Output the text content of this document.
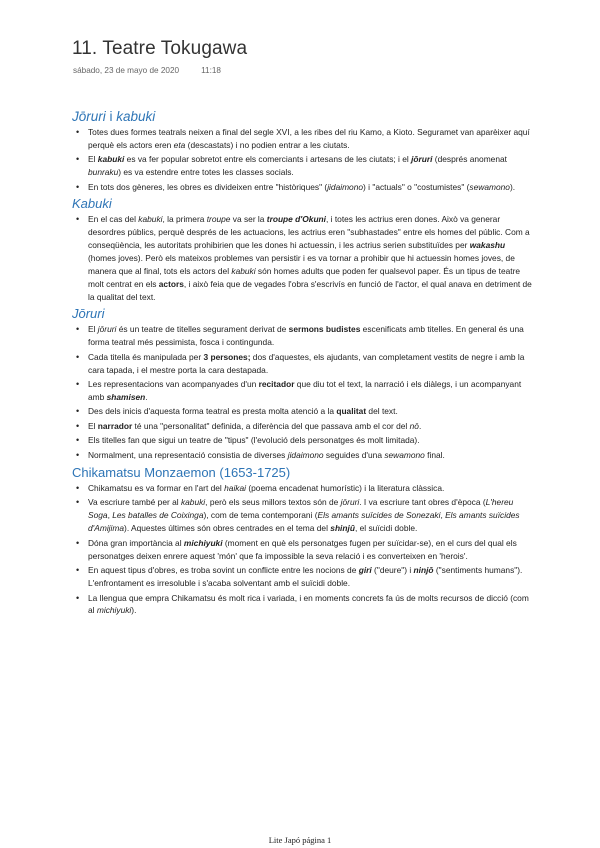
11. Teatre Tokugawa
sábado, 23 de mayo de 2020	11:18
Jōruri i kabuki
• Totes dues formes teatrals neixen a final del segle XVI, a les ribes del riu Kamo, a Kioto. Seguramet van aparèixer aquí perquè els actors eren eta (descastats) i no podien entrar a les ciutats.
• El kabuki es va fer popular sobretot entre els comerciants i artesans de les ciutats; i el jōruri (després anomenat bunraku) es va estendre entre totes les classes socials.
• En tots dos gèneres, les obres es divideixen entre "històriques" (jidaimono) i "actuals" o "costumistes" (sewamono).
Kabuki
• En el cas del kabuki, la primera troupe va ser la troupe d'Okuni, i totes les actrius eren dones. Això va generar desordres públics, perquè després de les actuacions, les actrius eren "subhastades" entre els homes del públic. Com a conseqüència, les autoritats prohibirien que les dones hi actuessin, i les actrius serien substituïdes per wakashu (homes joves). Però els mateixos problemes van persistir i es va tornar a prohibir que hi actuessin homes joves, de manera que al final, tots els actors del kabuki són homes adults que poden fer qualsevol paper. És un tipus de teatre molt centrat en els actors, i això feia que de vegades l'obra s'escrivís en funció de l'actor, el qual anava en detriment de la qualitat del text.
Jōruri
• El jōruri és un teatre de titelles segurament derivat de sermons budistes escenificats amb titelles. En general és una forma teatral més pessimista, fosca i contingunda.
• Cada titella és manipulada per 3 persones; dos d'aquestes, els ajudants, van completament vestits de negre i amb la cara tapada, i el mestre porta la cara destapada.
• Les representacions van acompanyades d'un recitador que diu tot el text, la narració i els diàlegs, i un acompanyant amb shamisen.
• Des dels inicis d'aquesta forma teatral es presta molta atenció a la qualitat del text.
• El narrador té una "personalitat" definida, a diferència del que passava amb el cor del nō.
• Els titelles fan que sigui un teatre de "tipus" (l'evolució dels personatges és molt limitada).
• Normalment, una representació consistia de diverses jidaimono seguides d'una sewamono final.
Chikamatsu Monzaemon (1653-1725)
• Chikamatsu es va formar en l'art del haikai (poema encadenat humorístic) i la literatura clàssica.
• Va escriure també per al kabuki, però els seus millors textos són de jōruri. I va escriure tant obres d'època (L'hereu Soga, Les batalles de Coixinga), com de tema contemporani (Els amants suïcides de Sonezaki, Els amants suïcides d'Amijima). Aquestes últimes són obres centrades en el tema del shinjū, el suïcidi doble.
• Dóna gran importància al michiyuki (moment en què els personatges fugen per suïcidar-se), en el curs del qual els personatges deixen enrere aquest 'món' que fa impossible la seva relació i es converteixen en 'herois'.
• En aquest tipus d'obres, es troba sovint un conflicte entre les nocions de giri ("deure") i ninjō ("sentiments humans"). L'enfrontament es irresoluble i s'acaba solventant amb el suïcidi doble.
• La llengua que empra Chikamatsu és molt rica i variada, i en moments concrets fa ús de molts recursos de dicció (com al michiyuki).
Lite Japó página 1
